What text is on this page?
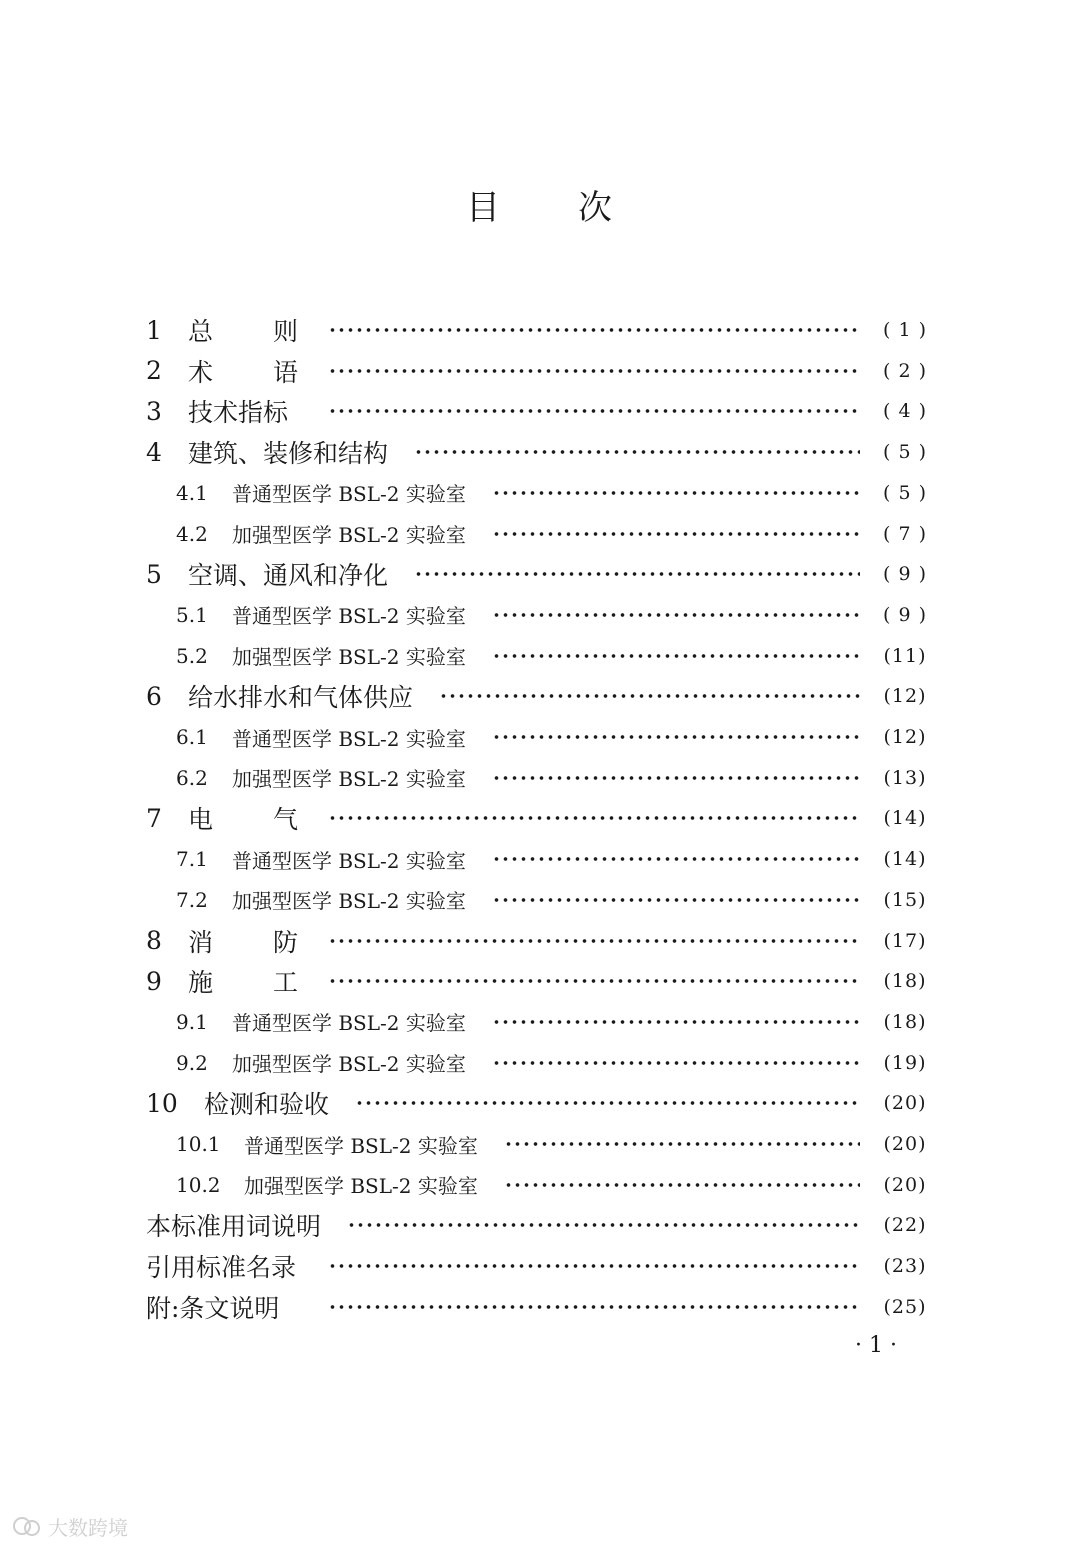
目 次
1	总 则	( 1 )
2	术 语	( 2 )
3	技术指标	( 4 )
4	建筑、装修和结构	( 5 )
4.1	普通型医学 BSL-2 实验室	( 5 )
4.2	加强型医学 BSL-2 实验室	( 7 )
5	空调、通风和净化	( 9 )
5.1	普通型医学 BSL-2 实验室	( 9 )
5.2	加强型医学 BSL-2 实验室	(11)
6	给水排水和气体供应	(12)
6.1	普通型医学 BSL-2 实验室	(12)
6.2	加强型医学 BSL-2 实验室	(13)
7	电 气	(14)
7.1	普通型医学 BSL-2 实验室	(14)
7.2	加强型医学 BSL-2 实验室	(15)
8	消 防	(17)
9	施 工	(18)
9.1	普通型医学 BSL-2 实验室	(18)
9.2	加强型医学 BSL-2 实验室	(19)
10	检测和验收	(20)
10.1	普通型医学 BSL-2 实验室	(20)
10.2	加强型医学 BSL-2 实验室	(20)
本标准用词说明	(22)
引用标准名录	(23)
附:条文说明	(25)
· 1 ·
大数跨境
